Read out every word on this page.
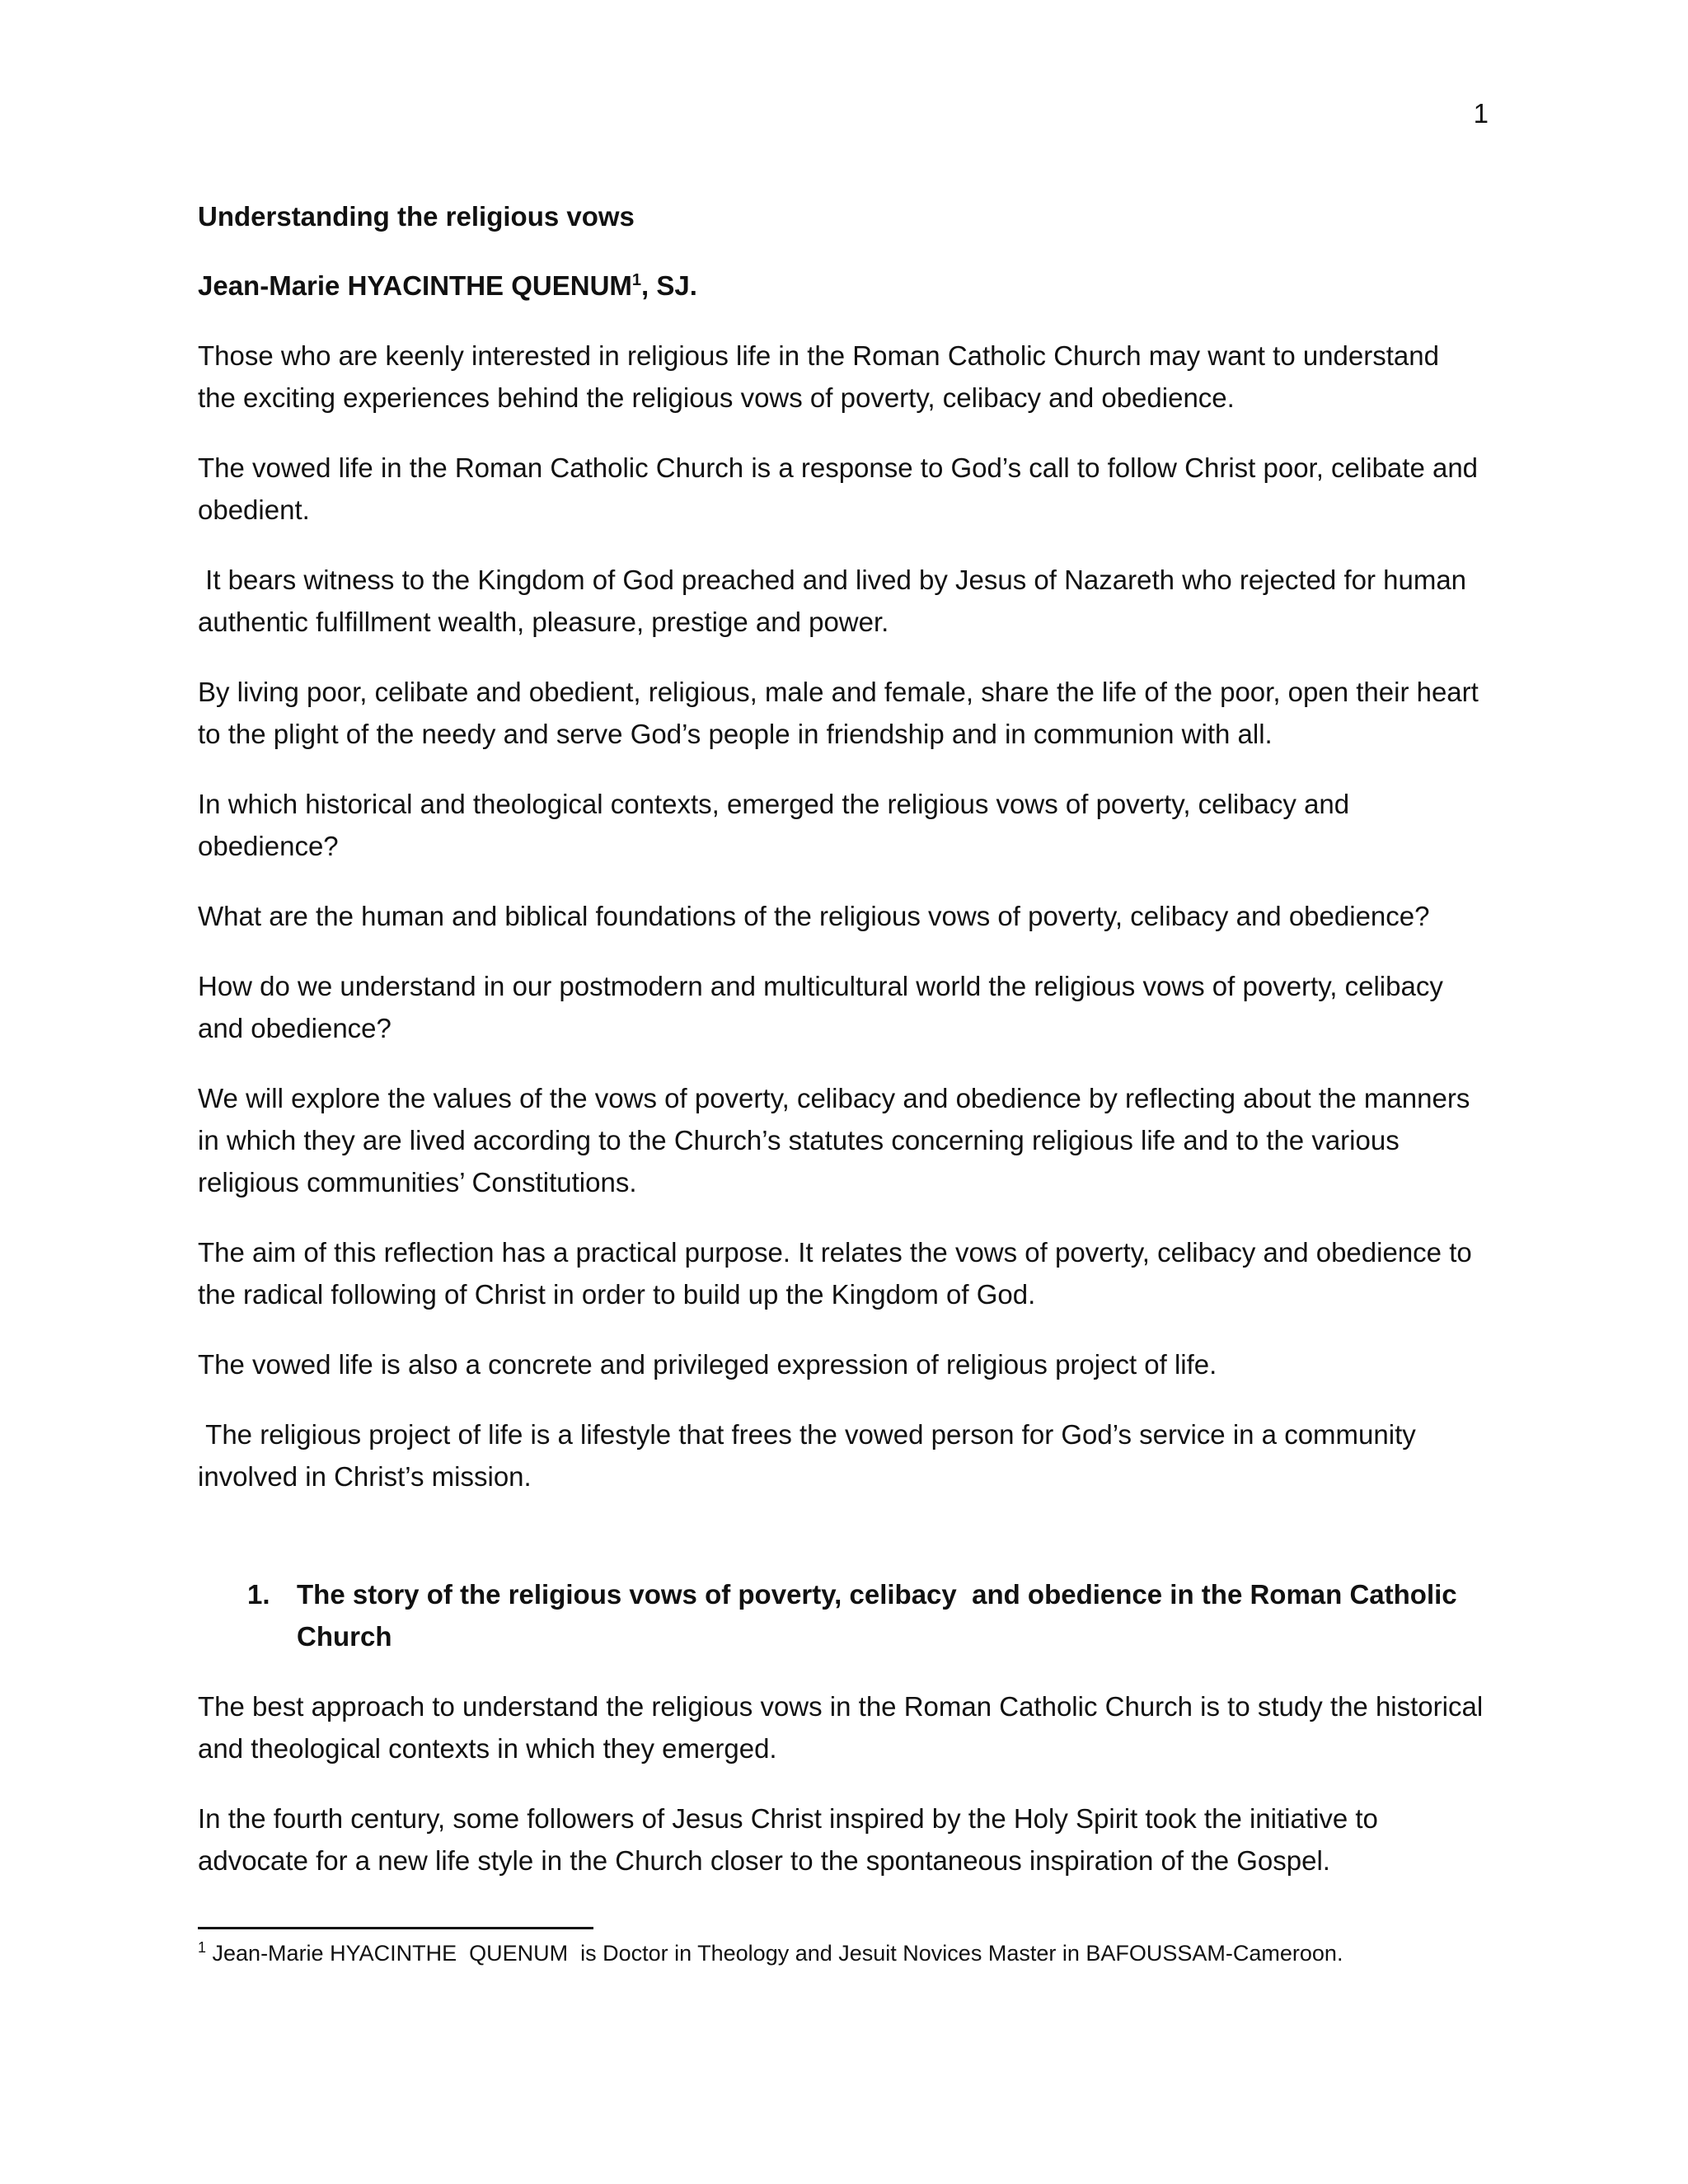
1
Understanding the religious vows
Jean-Marie HYACINTHE QUENUM$^1$, SJ.

Those who are keenly interested in religious life in the Roman Catholic Church may want to understand the exciting experiences behind the religious vows of poverty, celibacy and obedience.

The vowed life in the Roman Catholic Church is a response to God’s call to follow Christ poor, celibate and obedient.

It bears witness to the Kingdom of God preached and lived by Jesus of Nazareth who rejected for human authentic fulfillment wealth, pleasure, prestige and power.

By living poor, celibate and obedient, religious, male and female, share the life of the poor, open their heart to the plight of the needy and serve God’s people in friendship and in communion with all.

In which historical and theological contexts, emerged the religious vows of poverty, celibacy and obedience?

What are the human and biblical foundations of the religious vows of poverty, celibacy and obedience?

How do we understand in our postmodern and multicultural world the religious vows of poverty, celibacy and obedience?

We will explore the values of the vows of poverty, celibacy and obedience by reflecting about the manners in which they are lived according to the Church’s statutes concerning religious life and to the various religious communities’ Constitutions.

The aim of this reflection has a practical purpose. It relates the vows of poverty, celibacy and obedience to the radical following of Christ in order to build up the Kingdom of God.

The vowed life is also a concrete and privileged expression of religious project of life.

The religious project of life is a lifestyle that frees the vowed person for God’s service in a community involved in Christ’s mission.

1. The story of the religious vows of poverty, celibacy  and obedience in the Roman Catholic Church

The best approach to understand the religious vows in the Roman Catholic Church is to study the historical and theological contexts in which they emerged.

In the fourth century, some followers of Jesus Christ inspired by the Holy Spirit took the initiative to advocate for a new life style in the Church closer to the spontaneous inspiration of the Gospel.

$^1$ Jean-Marie HYACINTHE  QUENUM  is Doctor in Theology and Jesuit Novices Master in BAFOUSSAM-Cameroon.
